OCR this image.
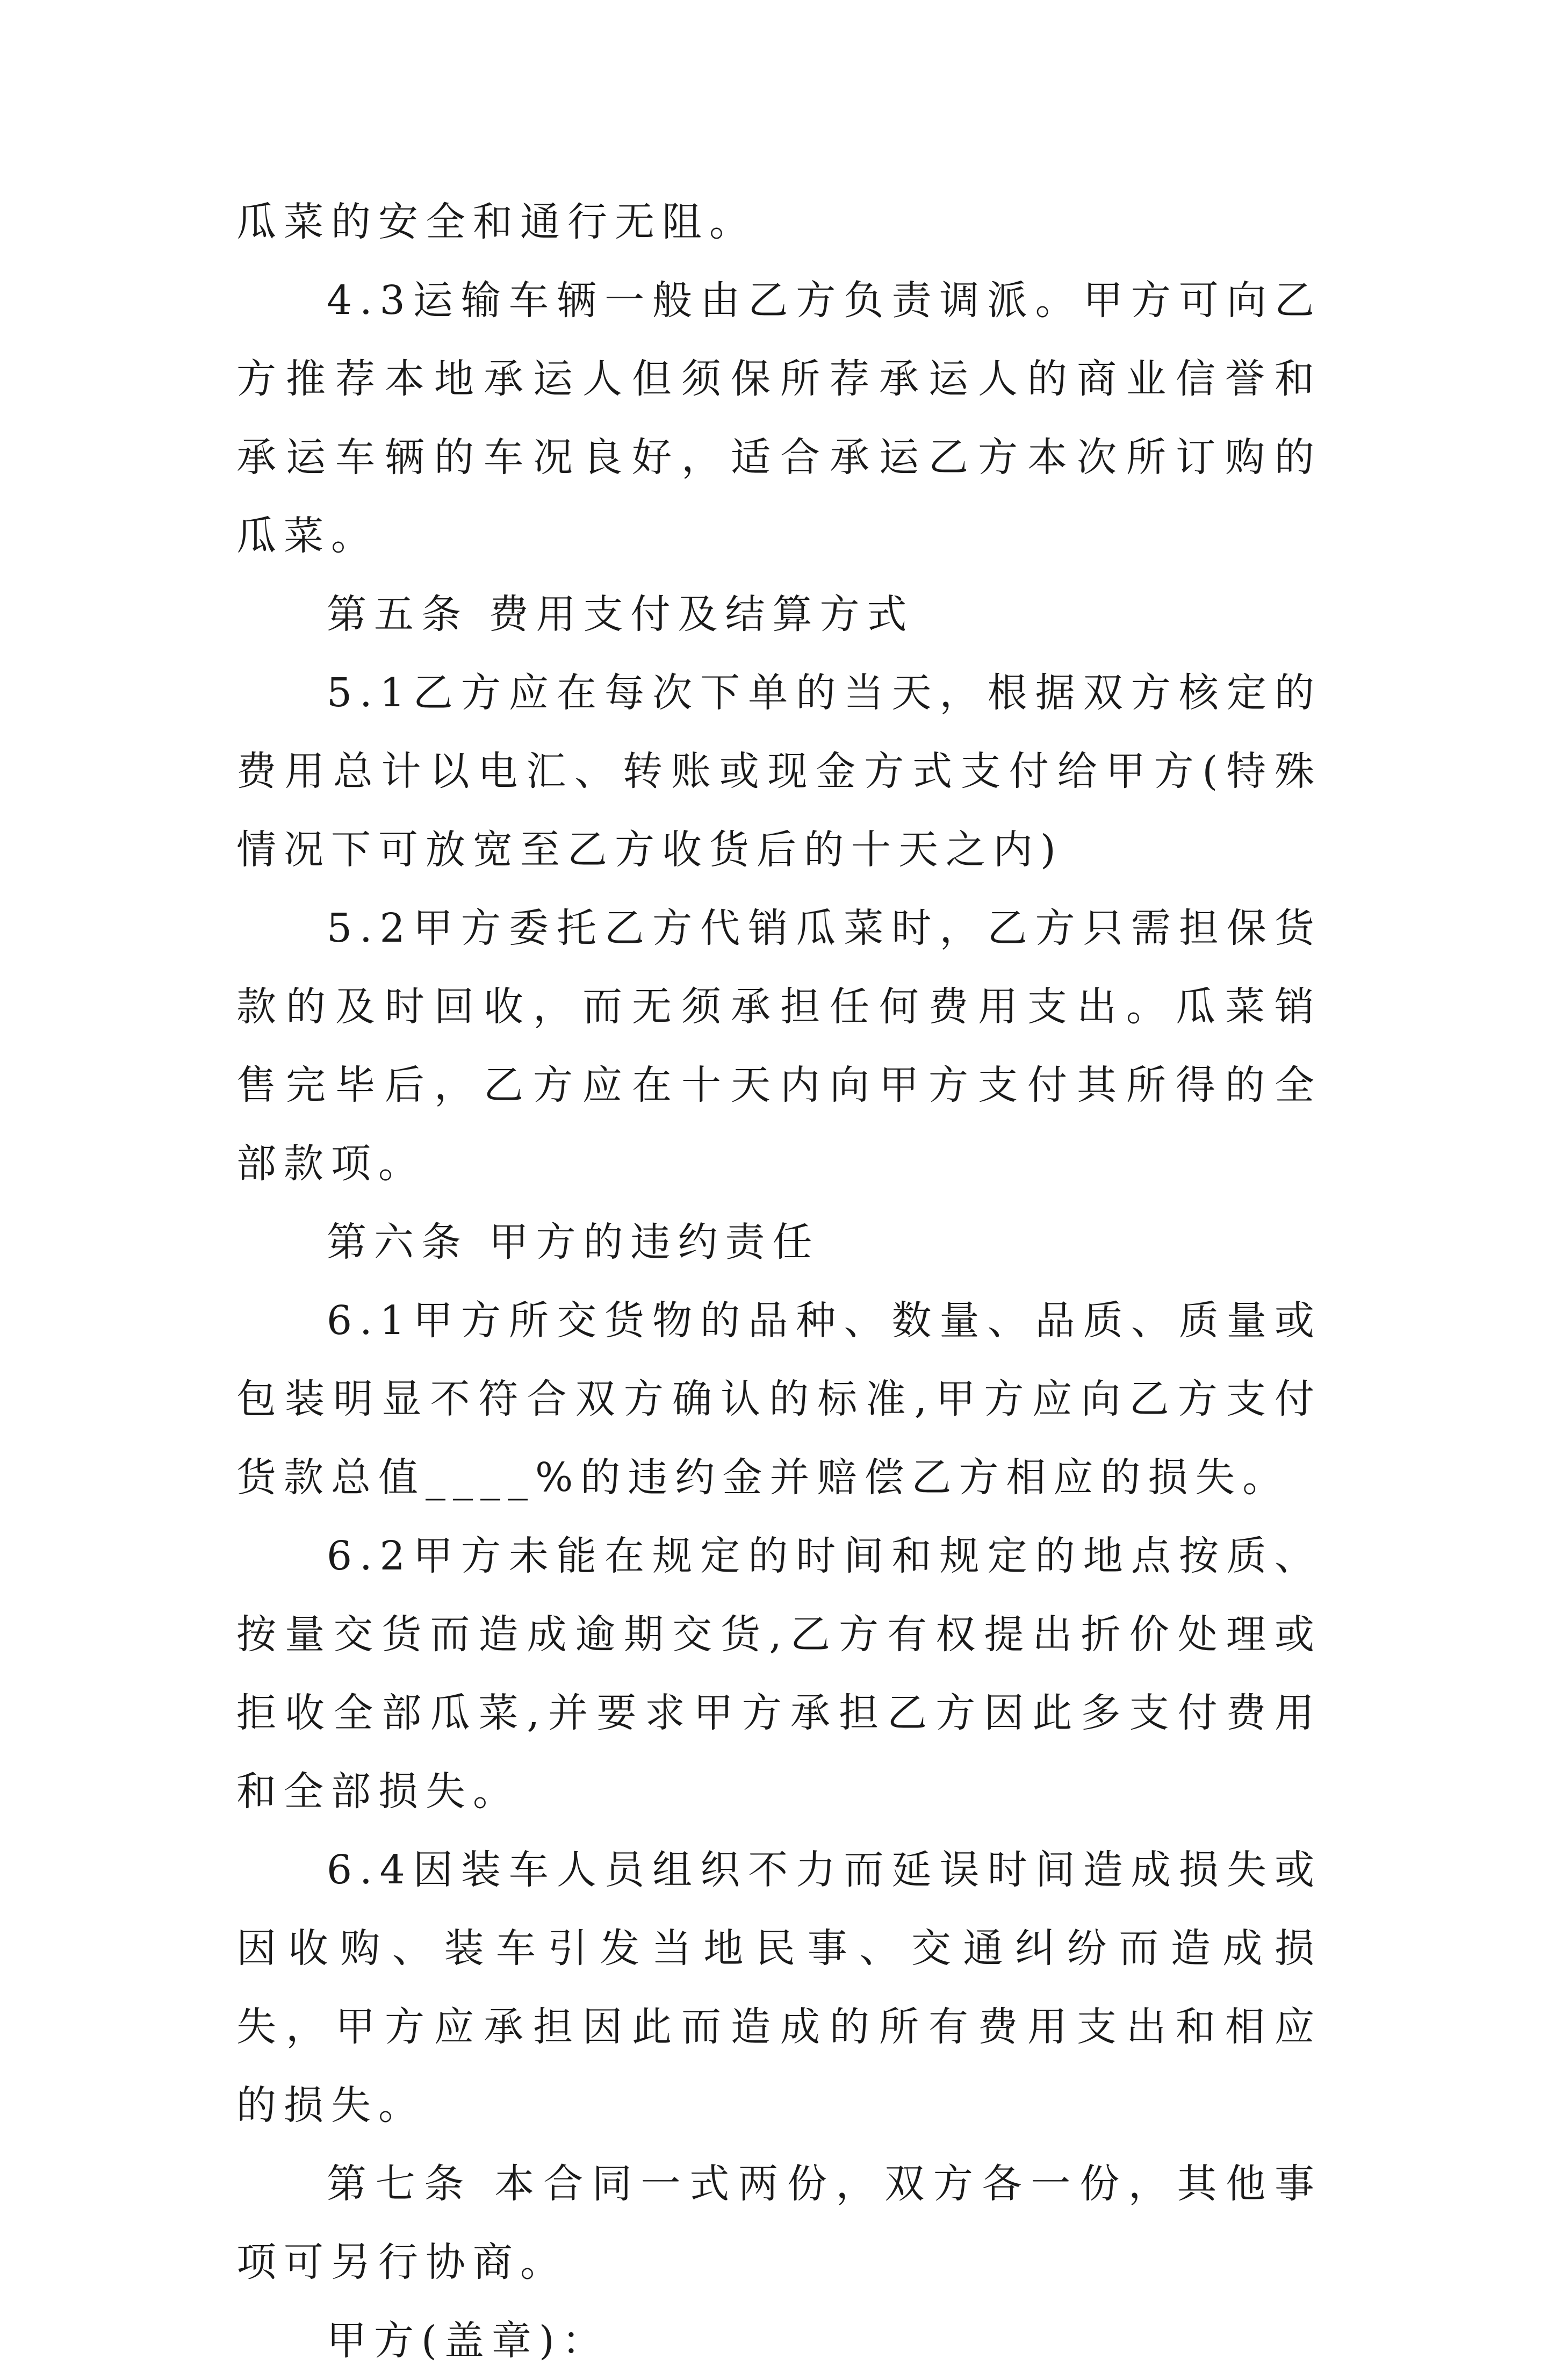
瓜菜的安全和通行无阻。

4.3运输车辆一般由乙方负责调派。甲方可向乙方推荐本地承运人但须保所荐承运人的商业信誉和承运车辆的车况良好，适合承运乙方本次所订购的瓜菜。

第五条 费用支付及结算方式

5.1乙方应在每次下单的当天，根据双方核定的费用总计以电汇、转账或现金方式支付给甲方(特殊情况下可放宽至乙方收货后的十天之内)

5.2甲方委托乙方代销瓜菜时，乙方只需担保货款的及时回收，而无须承担任何费用支出。瓜菜销售完毕后，乙方应在十天内向甲方支付其所得的全部款项。

第六条 甲方的违约责任

6.1甲方所交货物的品种、数量、品质、质量或包装明显不符合双方确认的标准,甲方应向乙方支付货款总值____%的违约金并赔偿乙方相应的损失。

6.2甲方未能在规定的时间和规定的地点按质、按量交货而造成逾期交货,乙方有权提出折价处理或拒收全部瓜菜,并要求甲方承担乙方因此多支付费用和全部损失。

6.4因装车人员组织不力而延误时间造成损失或因收购、装车引发当地民事、交通纠纷而造成损失，甲方应承担因此而造成的所有费用支出和相应的损失。

第七条 本合同一式两份，双方各一份，其他事项可另行协商。

甲方(盖章)：
